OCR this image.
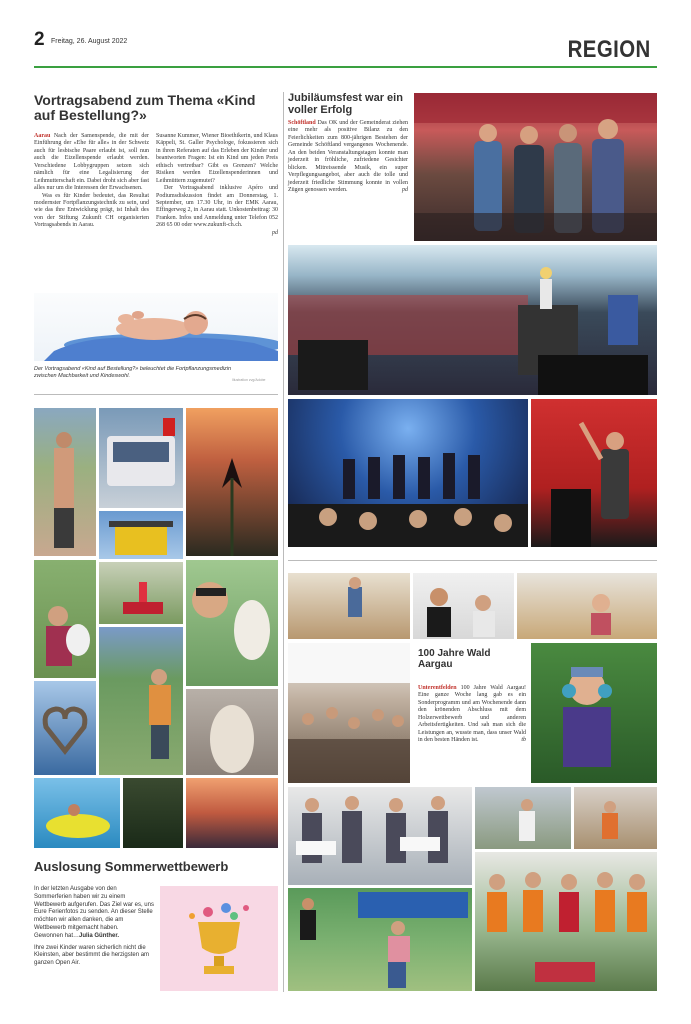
2 Freitag, 26. August 2022	REGION
Vortragsabend zum Thema «Kind auf Bestellung?»
Aarau Nach der Samenspende, die mit der Einführung der «Ehe für alle» in der Schweiz auch für lesbische Paare erlaubt ist, soll nun auch die Eizellenspende erlaubt werden. Verschiedene Lobbygruppen setzen sich nämlich für eine Legalisierung der Leihmutterschaft ein. Dabei droht sich aber fast alles nur um die Interessen der Erwachsenen.
Was es für Kinder bedeutet, das Resultat modernster Fortpflanzungstechnik zu sein, und wie das ihre Entwicklung prägt, ist Inhalt des von der Stiftung Zukunft CH organisierten Vortragsabends in Aarau.
Susanne Kummer, Wiener Bioethikerin, und Klaus Käppeli, St. Galler Psychologe, fokussieren sich in ihren Referaten auf das Erleben der Kinder und beantworten Fragen: Ist ein Kind um jeden Preis ethisch vertretbar? Gibt es Grenzen? Welche Risiken werden Eizellenspenderinnen und Leihmüttern zugemutet?
Der Vortragsabend inklusive Apéro und Podiumsdiskussion findet am Donnerstag, 1. September, um 17.30 Uhr, in der EMK Aarau, Effingerweg 2, in Aarau statt. Unkostenbeitrag: 30 Franken. Infos und Anmeldung unter Telefon 052 268 65 00 oder www.zukunft-ch.ch.
pd
Illustration zvg/Adobe
Der Vortragsabend «Kind auf Bestellung?» beleuchtet die Fortpflanzungsmedizin zwischen Machbarkeit und Kindeswohl.
Jubiläumsfest war ein voller Erfolg
Schöftland Das OK und der Gemeinderat ziehen eine mehr als positive Bilanz zu den Feierlichkeiten zum 800-jährigen Bestehen der Gemeinde Schöftland vergangenes Wochenende. An den beiden Veranstaltungstagen konnte man jederzeit in fröhliche, zufriedene Gesichter blicken. Mitreissende Musik, ein super Verpflegungsangebot, aber auch die tolle und jederzeit friedliche Stimmung konnte in vollen Zügen genossen werden.	pd
Auslosung Sommerwettbewerb
In der letzten Ausgabe von den Sommerferien haben wir zu einem Wettbewerb aufgerufen. Das Ziel war es, uns Eure Ferienfotos zu senden. An dieser Stelle möchten wir allen danken, die am Wettbewerb mitgemacht haben.
Gewonnen hat…Julia Günther.
Ihre zwei Kinder waren sicherlich nicht die Kleinsten, aber bestimmt die herzigsten am ganzen Open Air.
100 Jahre Wald Aargau
Unterentfelden 100 Jahre Wald Aargau! Eine ganze Woche lang gab es ein Sonderprogramm und am Wochenende dann den krönenden Abschluss mit dem Holzerwettbewerb und anderen Arbeitsfertigkeiten. Und sah man sich die Leistungen an, wusste man, dass unser Wald in den besten Händen ist.	tb
